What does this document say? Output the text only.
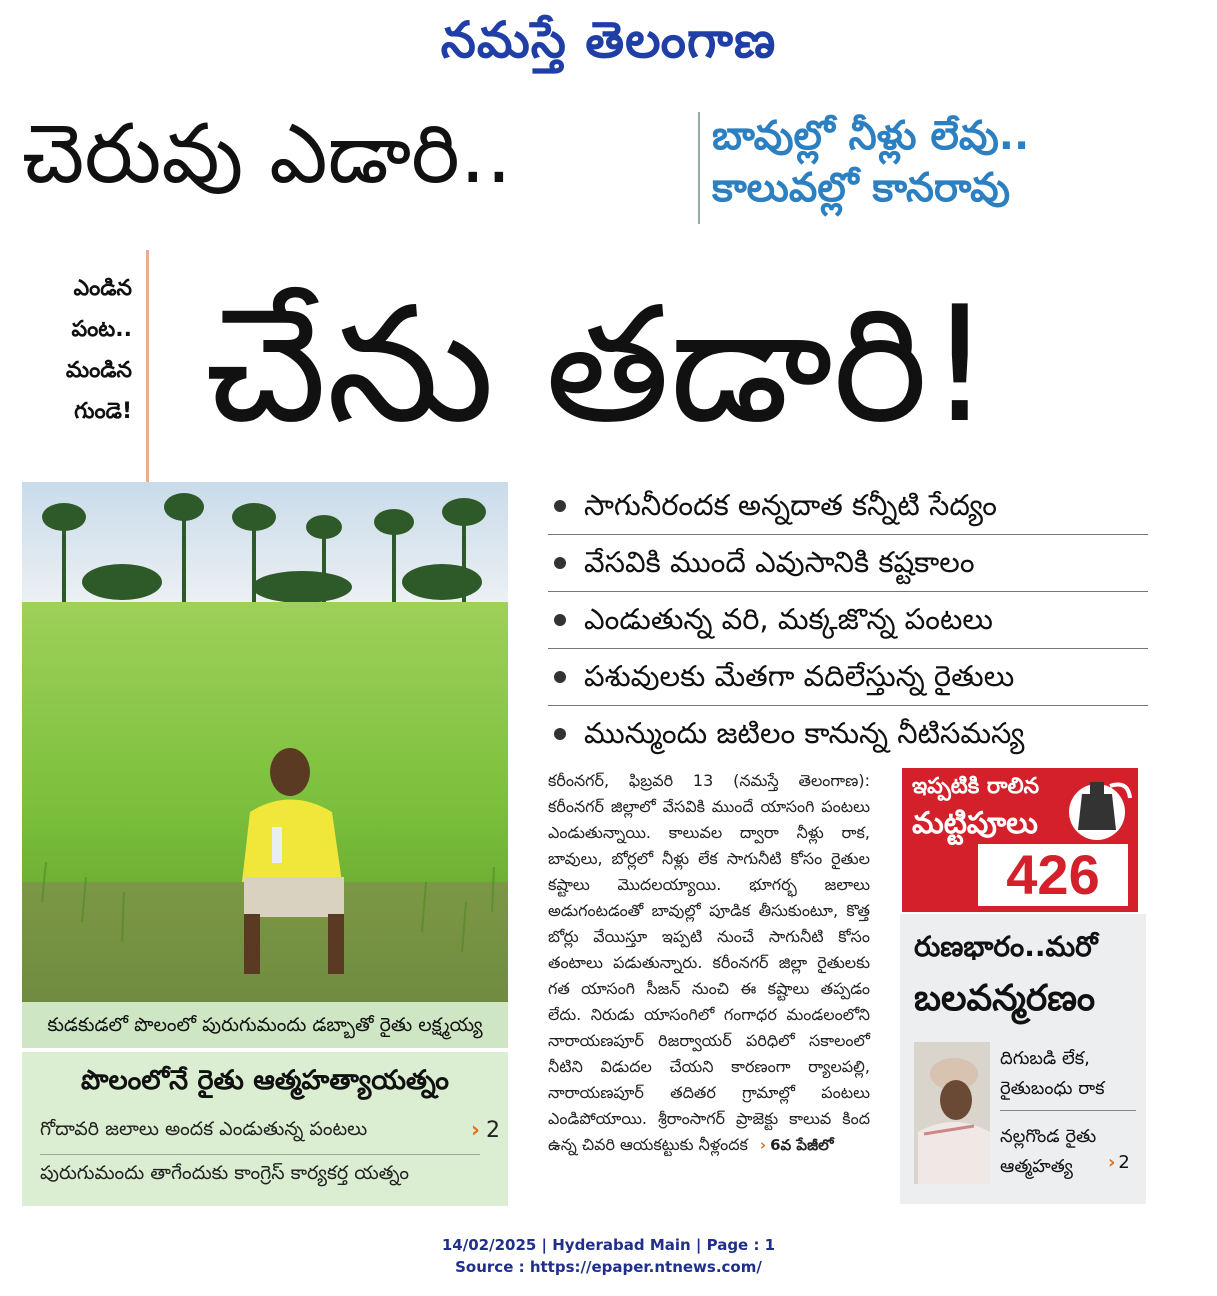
నమస్తే తెలంగాణ
చెరువు ఎడారి..	బావుల్లో నీళ్లు లేవు..
కాలువల్లో కానరావు
ఎండిన
పంట..
మండిన
గుండె! చేను తడారి!
కుడకుడలో పొలంలో పురుగుమందు డబ్బాతో రైతు లక్ష్మయ్య
పొలంలోనే రైతు ఆత్మహత్యాయత్నం
గోదావరి జలాలు అందక ఎండుతున్న పంటలు	› 2
పురుగుమందు తాగేందుకు కాంగ్రెస్ కార్యకర్త యత్నం
సాగునీరందక అన్నదాత కన్నీటి సేద్యం
వేసవికి ముందే ఎవుసానికి కష్టకాలం
ఎండుతున్న వరి, మక్కజొన్న పంటలు
పశువులకు మేతగా వదిలేస్తున్న రైతులు
మున్ముందు జటిలం కానున్న నీటిసమస్య

కరీంనగర్, ఫిబ్రవరి 13 (నమస్తే తెలంగాణ): కరీంనగర్ జిల్లాలో వేసవికి ముందే యాసంగి పంటలు ఎండుతున్నాయి. కాలువల ద్వారా నీళ్లు రాక, బావులు, బోర్లలో నీళ్లు లేక సాగునీటి కోసం రైతుల కష్టాలు మొదలయ్యాయి. భూగర్భ జలాలు అడుగంటడంతో బావుల్లో పూడిక తీసుకుంటూ, కొత్త బోర్లు వేయిస్తూ ఇప్పటి నుంచే సాగునీటి కోసం తంటాలు పడుతున్నారు. కరీంనగర్ జిల్లా రైతులకు గత యాసంగి సీజన్ నుంచి ఈ కష్టాలు తప్పడం లేదు. నిరుడు యాసంగిలో గంగాధర మండలంలోని నారాయణపూర్ రిజర్వాయర్ పరిధిలో సకాలంలో నీటిని విడుదల చేయని కారణంగా ర్యాలపల్లి, నారాయణపూర్ తదితర గ్రామాల్లో పంటలు ఎండిపోయాయి. శ్రీరాంసాగర్ ప్రాజెక్టు కాలువ కింద ఉన్న చివరి ఆయకట్టుకు నీళ్లందక › 6వ పేజీలో

ఇప్పటికి రాలిన
మట్టిపూలు
426
రుణభారం..మరో
బలవన్మరణం
దిగుబడి లేక, రైతుబంధు రాక
నల్లగొండ రైతు ఆత్మహత్య	› 2
14/02/2025 | Hyderabad Main | Page : 1
Source : https://epaper.ntnews.com/
